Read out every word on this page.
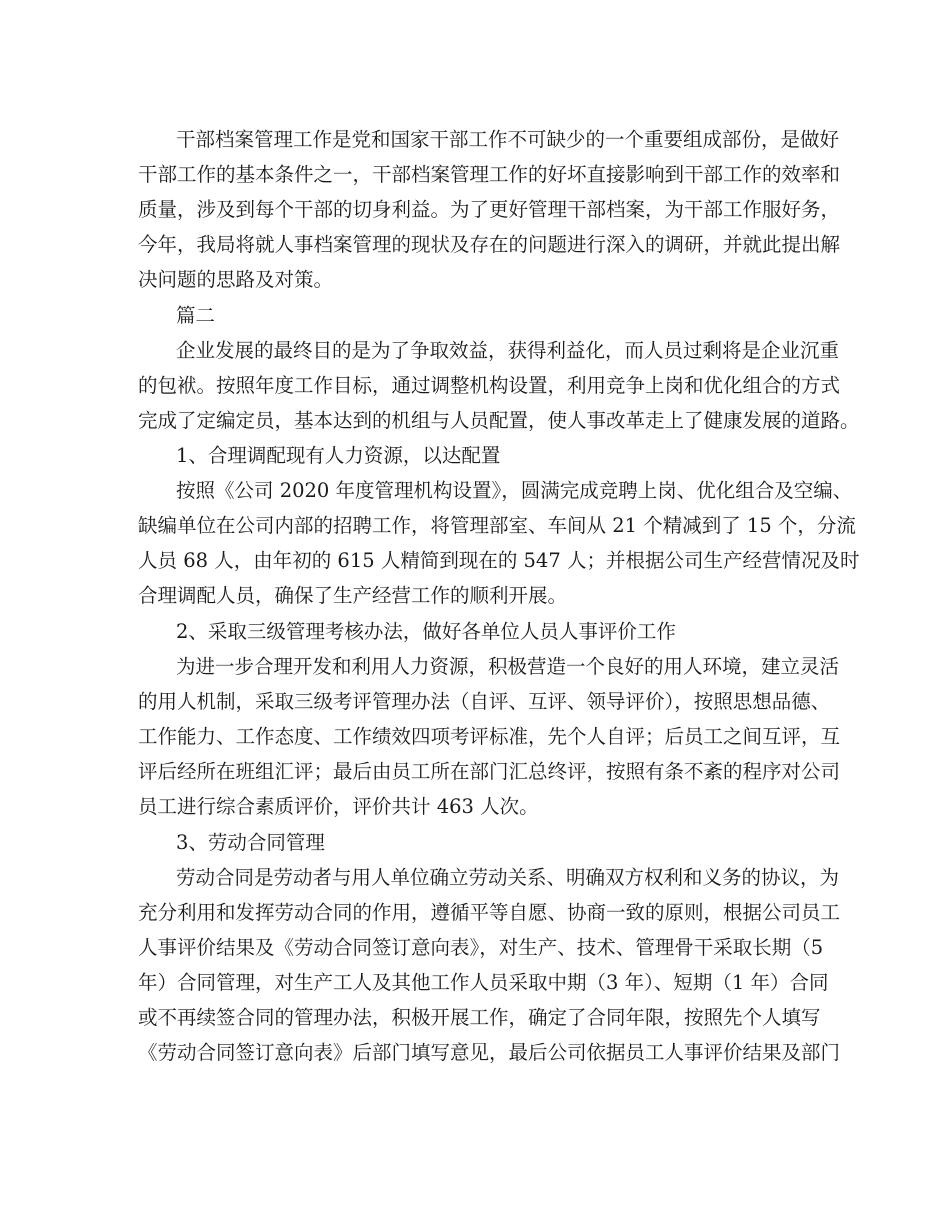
干部档案管理工作是党和国家干部工作不可缺少的一个重要组成部份，是做好
干部工作的基本条件之一，干部档案管理工作的好坏直接影响到干部工作的效率和
质量，涉及到每个干部的切身利益。为了更好管理干部档案，为干部工作服好务，
今年，我局将就人事档案管理的现状及存在的问题进行深入的调研，并就此提出解
决问题的思路及对策。
篇二
企业发展的最终目的是为了争取效益，获得利益化，而人员过剩将是企业沉重
的包袱。按照年度工作目标，通过调整机构设置，利用竞争上岗和优化组合的方式
完成了定编定员，基本达到的机组与人员配置，使人事改革走上了健康发展的道路。
1、合理调配现有人力资源，以达配置
按照《公司 2020 年度管理机构设置》，圆满完成竞聘上岗、优化组合及空编、
缺编单位在公司内部的招聘工作，将管理部室、车间从 21 个精减到了 15 个，分流
人员 68 人，由年初的 615 人精简到现在的 547 人；并根据公司生产经营情况及时
合理调配人员，确保了生产经营工作的顺利开展。
2、采取三级管理考核办法，做好各单位人员人事评价工作
为进一步合理开发和利用人力资源，积极营造一个良好的用人环境，建立灵活
的用人机制，采取三级考评管理办法（自评、互评、领导评价），按照思想品德、
工作能力、工作态度、工作绩效四项考评标准，先个人自评；后员工之间互评，互
评后经所在班组汇评；最后由员工所在部门汇总终评，按照有条不紊的程序对公司
员工进行综合素质评价，评价共计 463 人次。
3、劳动合同管理
劳动合同是劳动者与用人单位确立劳动关系、明确双方权利和义务的协议，为
充分利用和发挥劳动合同的作用，遵循平等自愿、协商一致的原则，根据公司员工
人事评价结果及《劳动合同签订意向表》，对生产、技术、管理骨干采取长期（5
年）合同管理，对生产工人及其他工作人员采取中期（3 年）、短期（1 年）合同
或不再续签合同的管理办法，积极开展工作，确定了合同年限，按照先个人填写
《劳动合同签订意向表》后部门填写意见，最后公司依据员工人事评价结果及部门
